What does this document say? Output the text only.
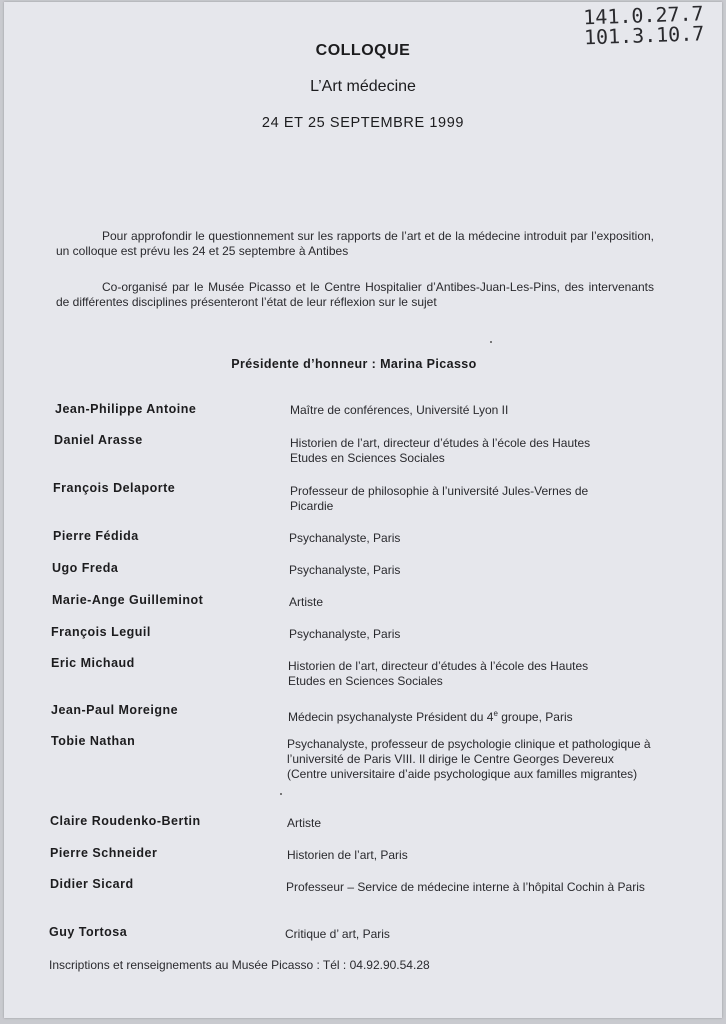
141.0.27.7
101.3.10.7
COLLOQUE
L’Art médecine
24 ET 25 SEPTEMBRE 1999

Pour approfondir le questionnement sur les rapports de l’art et de la médecine introduit par l’exposition, un colloque est prévu les 24 et 25 septembre à Antibes

Co-organisé par le Musée Picasso et le Centre Hospitalier d’Antibes-Juan-Les-Pins, des intervenants de différentes disciplines présenteront l’état de leur réflexion sur le sujet

Présidente d’honneur : Marina Picasso
Jean-Philippe Antoine	Maître de conférences, Université Lyon II
Daniel Arasse	Historien de l’art, directeur d’études à l’école des Hautes Etudes en Sciences Sociales
François Delaporte	Professeur de philosophie à l’université Jules-Vernes de Picardie
Pierre Fédida	Psychanalyste, Paris
Ugo Freda	Psychanalyste, Paris
Marie-Ange Guilleminot	Artiste
François Leguil	Psychanalyste, Paris
Eric Michaud	Historien de l’art, directeur d’études à l’école des Hautes Etudes en Sciences Sociales
Jean-Paul Moreigne	Médecin psychanalyste Président du 4e groupe, Paris
Tobie Nathan	Psychanalyste, professeur de psychologie clinique et pathologique à l’université de Paris VIII. Il dirige le Centre Georges Devereux (Centre universitaire d’aide psychologique aux familles migrantes)
Claire Roudenko-Bertin	Artiste
Pierre Schneider	Historien de l’art, Paris
Didier Sicard	Professeur – Service de médecine interne à l’hôpital Cochin à Paris
Guy Tortosa	Critique d’ art, Paris
Inscriptions et renseignements au Musée Picasso : Tél : 04.92.90.54.28
